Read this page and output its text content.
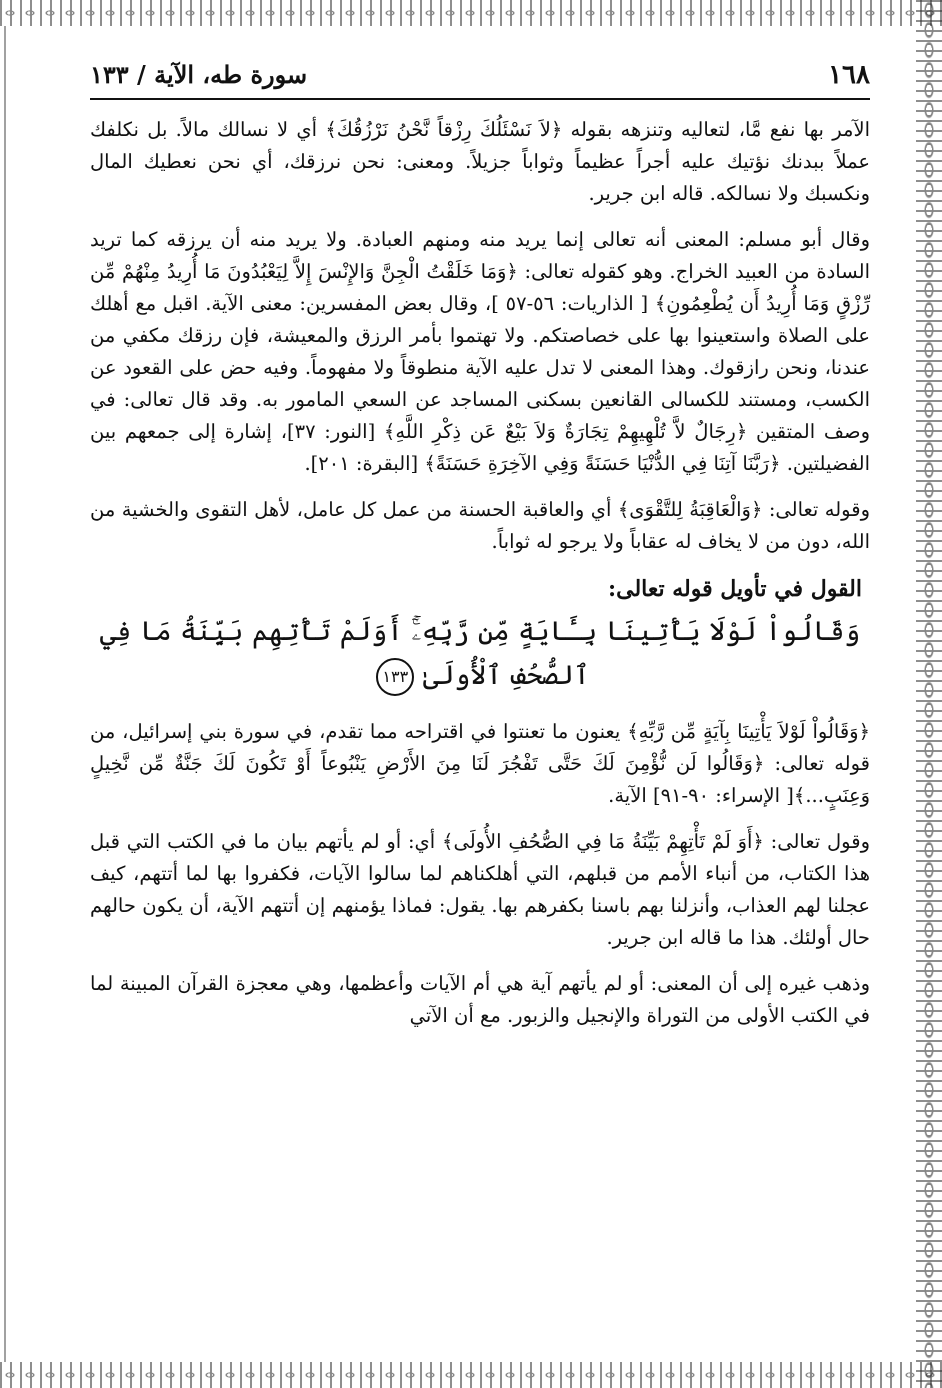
١٦٨
سورة طه، الآية / ١٣٣

الآمر بها نفع مَّا، لتعاليه وتنزهه بقوله ﴿لاَ نَسْئَلُكَ رِزْقاً نَّحْنُ نَرْزُقُكَ﴾ أي لا نسالك مالاً. بل نكلفك عملاً ببدنك نؤتيك عليه أجراً عظيماً وثواباً جزيلاً. ومعنى: نحن نرزقك، أي نحن نعطيك المال ونكسبك ولا نسالكه. قاله ابن جرير.

وقال أبو مسلم: المعنى أنه تعالى إنما يريد منه ومنهم العبادة. ولا يريد منه أن يرزقه كما تريد السادة من العبيد الخراج. وهو كقوله تعالى: ﴿وَمَا خَلَقْتُ الْجِنَّ وَالإِنْسَ إِلاَّ لِيَعْبُدُونَ مَا أُرِيدُ مِنْهُمْ مِّن رِّزْقٍ وَمَا أُرِيدُ أَن يُطْعِمُونِ﴾ [ الذاريات: ٥٦-٥٧ ]، وقال بعض المفسرين: معنى الآية. اقبل مع أهلك على الصلاة واستعينوا بها على خصاصتكم. ولا تهتموا بأمر الرزق والمعيشة، فإن رزقك مكفي من عندنا، ونحن رازقوك. وهذا المعنى لا تدل عليه الآية منطوقاً ولا مفهوماً. وفيه حض على القعود عن الكسب، ومستند للكسالى القانعين بسكنى المساجد عن السعي المامور به. وقد قال تعالى: في وصف المتقين ﴿رِجَالٌ لاَّ تُلْهِيهِمْ تِجَارَةٌ وَلاَ بَيْعٌ عَن ذِكْرِ اللَّهِ﴾ [النور: ٣٧]، إشارة إلى جمعهم بين الفضيلتين. ﴿رَبَّنَا آتِنَا فِي الدُّنْيَا حَسَنَةً وَفِي الآخِرَةِ حَسَنَةً﴾ [البقرة: ٢٠١].

وقوله تعالى: ﴿وَالْعَاقِبَةُ لِلتَّقْوَى﴾ أي والعاقبة الحسنة من عمل كل عامل، لأهل التقوى والخشية من الله، دون من لا يخاف له عقاباً ولا يرجو له ثواباً.

القول في تأويل قوله تعالى:
وَقَالُواْ لَوْلَا يَأْتِينَا بِـَٔايَةٍ مِّن رَّبِّهِۦٓۚ أَوَلَمْ تَأْتِهِم بَيِّنَةُ مَا فِي ٱلصُّحُفِ ٱلْأُولَىٰ ١٣٣

﴿وَقَالُواْ لَوْلاَ يَأْتِينَا بِآيَةٍ مِّن رَّبِّهِ﴾ يعنون ما تعنتوا في اقتراحه مما تقدم، في سورة بني إسرائيل، من قوله تعالى: ﴿وَقَالُوا لَن نُّؤْمِنَ لَكَ حَتَّى تَفْجُرَ لَنَا مِنَ الأَرْضِ يَنْبُوعاً أَوْ تَكُونَ لَكَ جَنَّةٌ مِّن نَّخِيلٍ وَعِنَبٍ...﴾[ الإسراء: ٩٠-٩١] الآية.

وقول تعالى: ﴿أَوَ لَمْ تَأْتِهِمْ بَيِّنَةُ مَا فِي الصُّحُفِ الأُولَى﴾ أي: أو لم يأتهم بيان ما في الكتب التي قبل هذا الكتاب، من أنباء الأمم من قبلهم، التي أهلكناهم لما سالوا الآيات، فكفروا بها لما أتتهم، كيف عجلنا لهم العذاب، وأنزلنا بهم باسنا بكفرهم بها. يقول: فماذا يؤمنهم إن أتتهم الآية، أن يكون حالهم حال أولئك. هذا ما قاله ابن جرير.

وذهب غيره إلى أن المعنى: أو لم يأتهم آية هي أم الآيات وأعظمها، وهي معجزة القرآن المبينة لما في الكتب الأولى من التوراة والإنجيل والزبور. مع أن الآتي
